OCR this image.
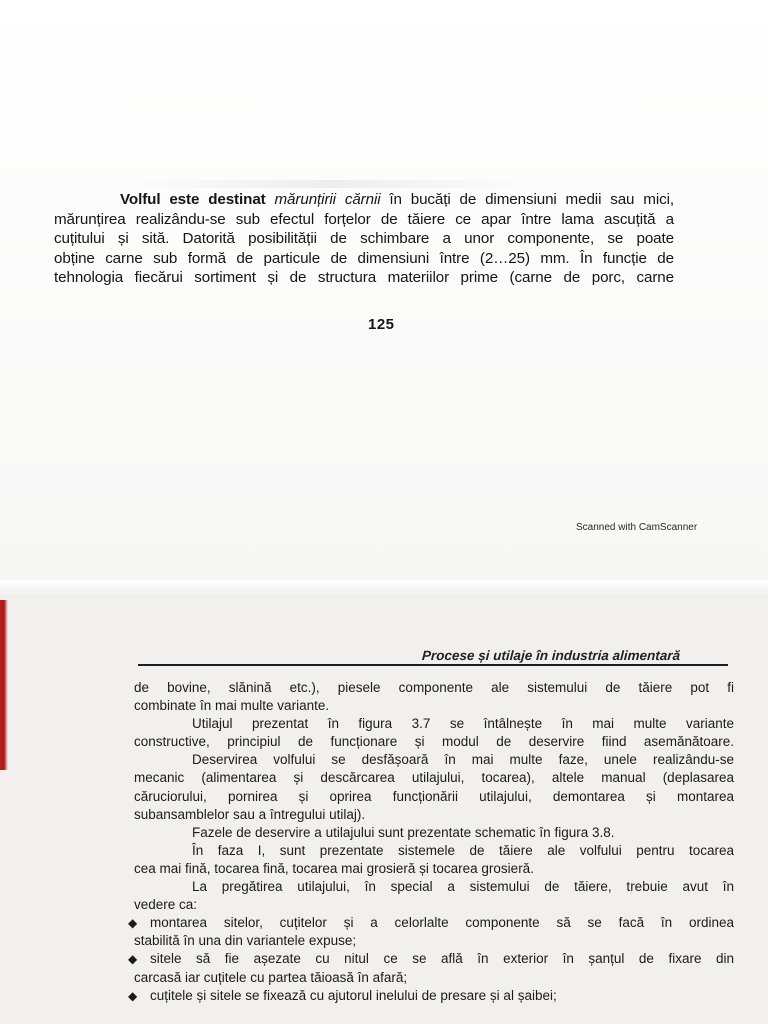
Volful este destinat mărunțirii cărnii în bucăți de dimensiuni medii sau mici,
mărunțirea realizându-se sub efectul forțelor de tăiere ce apar între lama ascuțită a
cuțitului și sită. Datorită posibilității de schimbare a unor componente, se poate
obține carne sub formă de particule de dimensiuni între (2…25) mm. În funcție de
tehnologia fiecărui sortiment și de structura materiilor prime (carne de porc, carne
125
Scanned with CamScanner
Procese și utilaje în industria alimentară
de bovine, slănină etc.), piesele componente ale sistemului de tăiere pot fi
combinate în mai multe variante.
Utilajul prezentat în figura 3.7 se întâlnește în mai multe variante
constructive, principiul de funcționare și modul de deservire fiind asemănătoare.
Deservirea volfului se desfășoară în mai multe faze, unele realizându-se
mecanic (alimentarea și descărcarea utilajului, tocarea), altele manual (deplasarea
căruciorului, pornirea și oprirea funcționării utilajului, demontarea și montarea
subansamblelor sau a întregului utilaj).
Fazele de deservire a utilajului sunt prezentate schematic în figura 3.8.
În faza I, sunt prezentate sistemele de tăiere ale volfului pentru tocarea
cea mai fină, tocarea fină, tocarea mai grosieră și tocarea grosieră.
La pregătirea utilajului, în special a sistemului de tăiere, trebuie avut în
vedere ca:
◆ montarea sitelor, cuțitelor și a celorlalte componente să se facă în ordinea
stabilită în una din variantele expuse;
◆ sitele să fie așezate cu nitul ce se află în exterior în șanțul de fixare din
carcasă iar cuțitele cu partea tăioasă în afară;
◆ cuțitele și sitele se fixează cu ajutorul inelului de presare și al șaibei;
